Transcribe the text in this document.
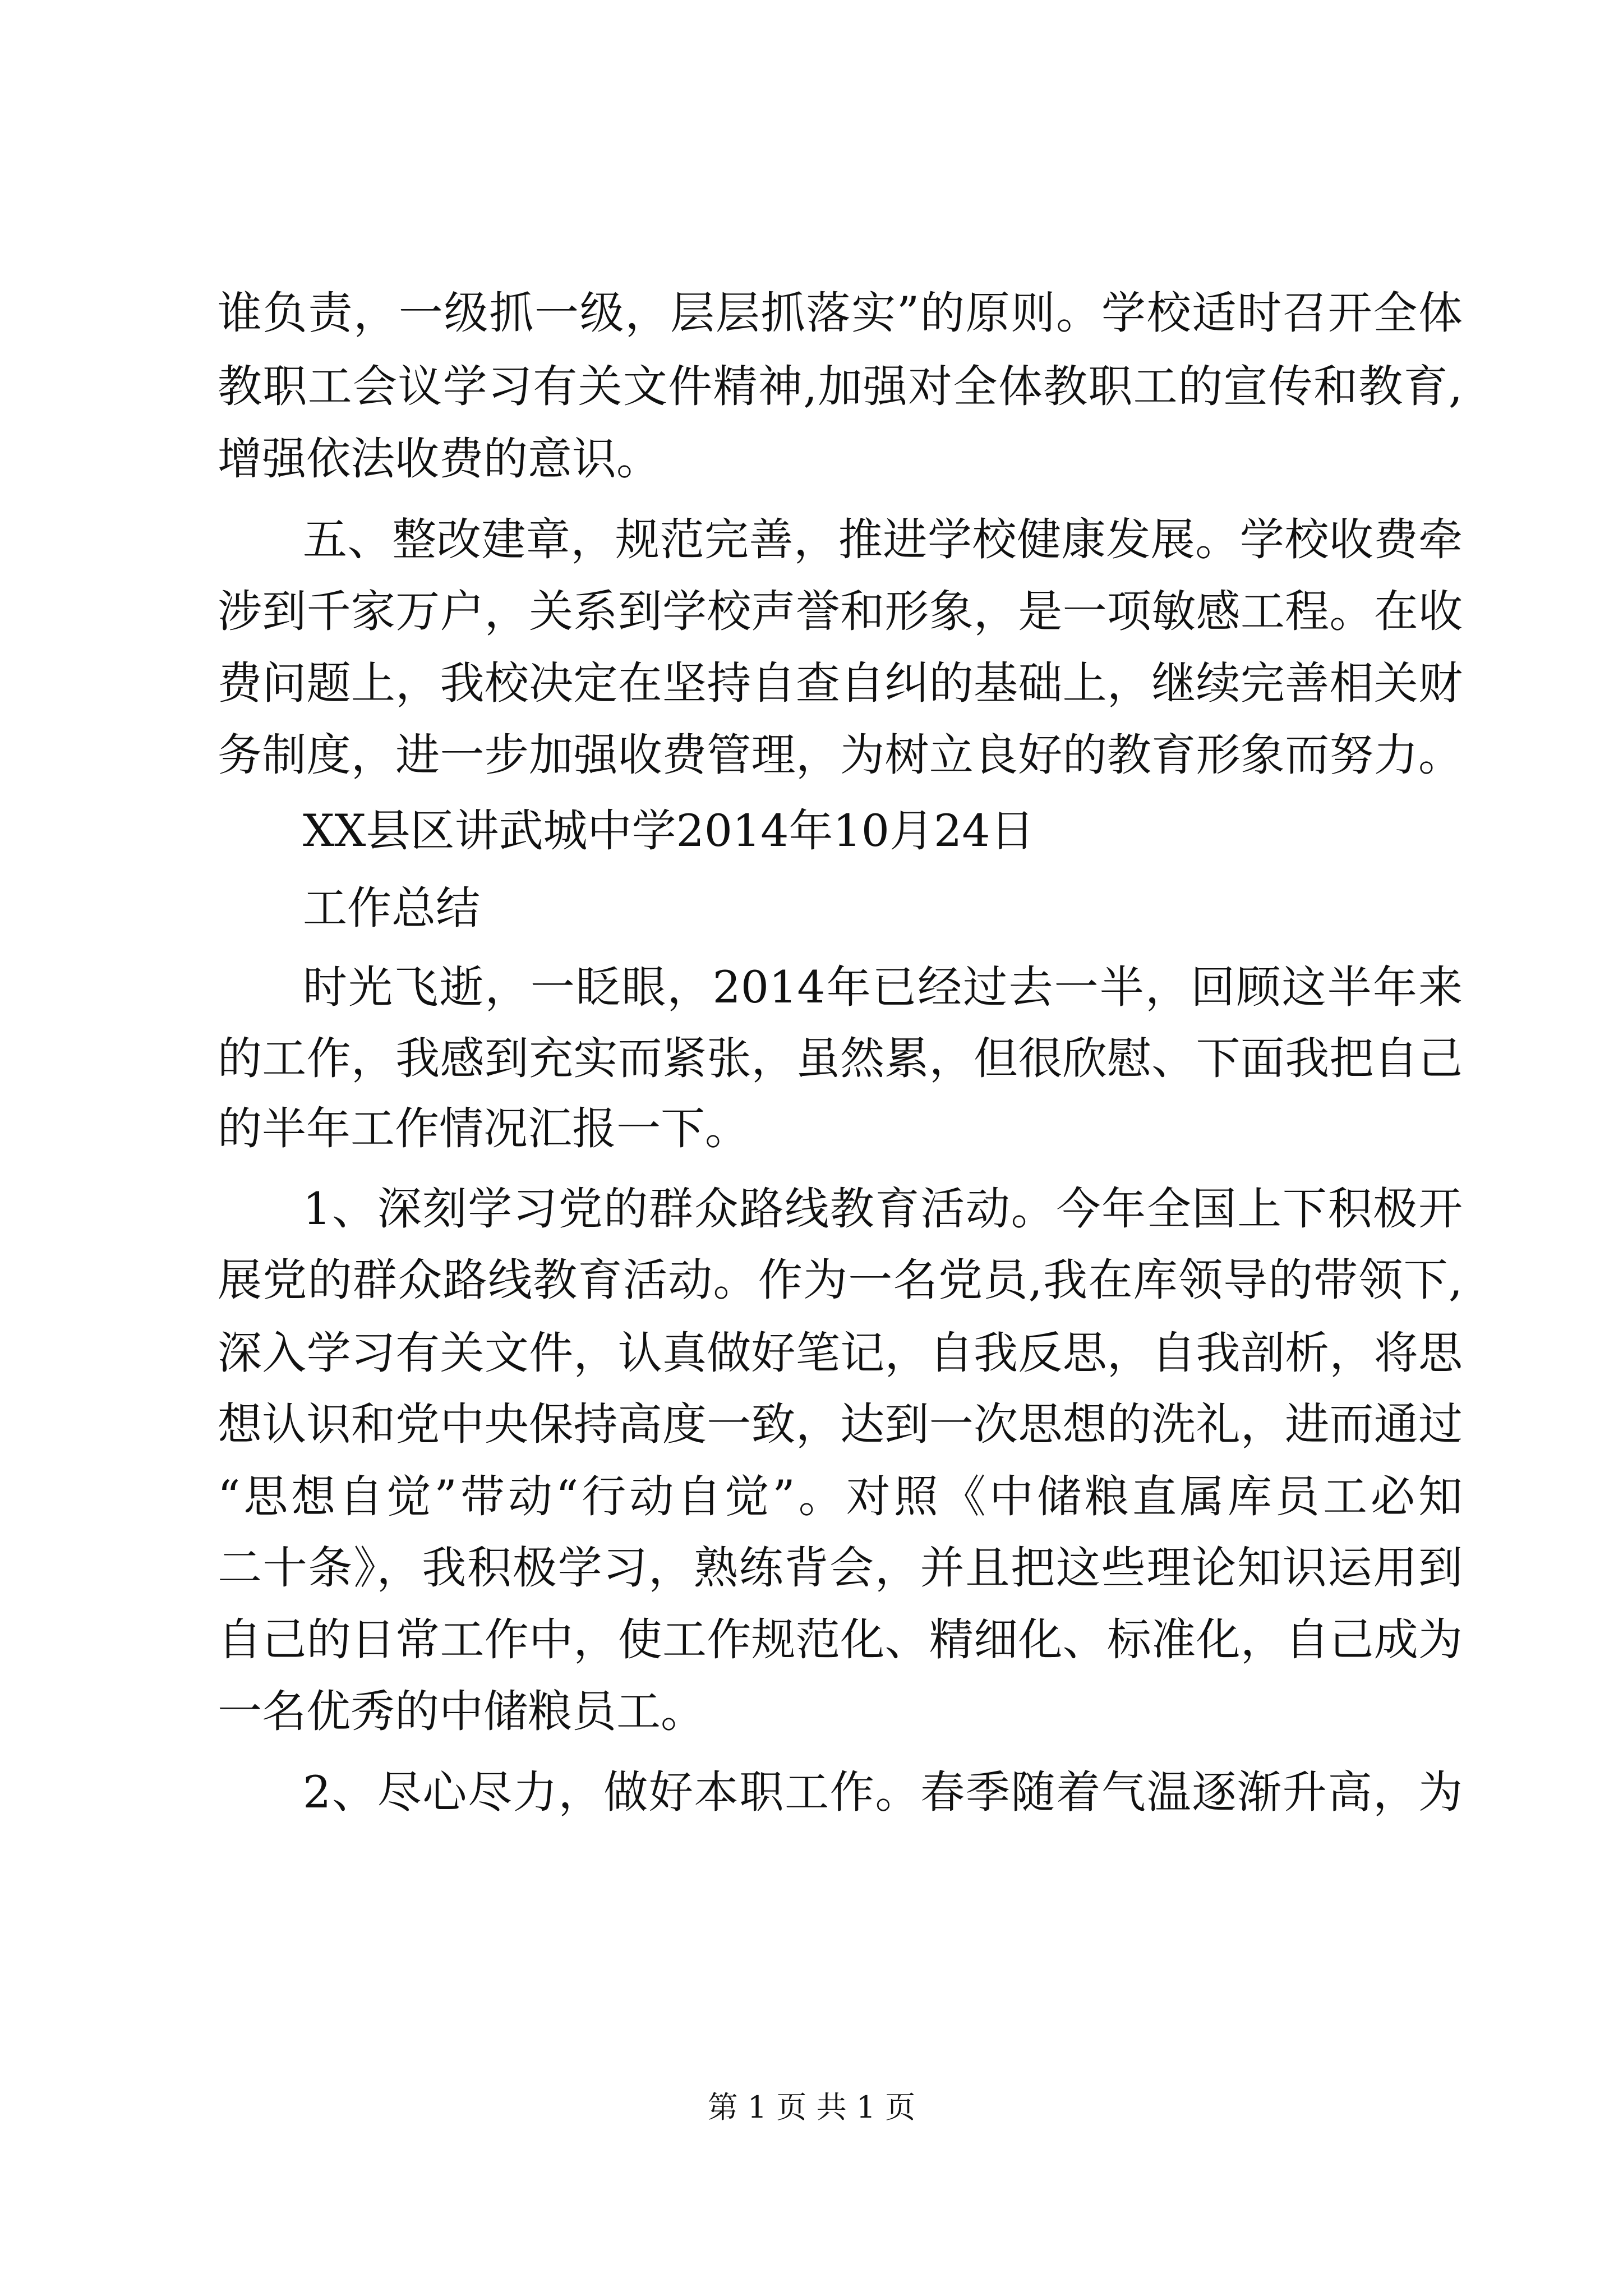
谁负责，一级抓一级，层层抓落实”的原则。学校适时召开全体

教职工会议学习有关文件精神,加强对全体教职工的宣传和教育,

增强依法收费的意识。

五、整改建章，规范完善，推进学校健康发展。学校收费牵

涉到千家万户，关系到学校声誉和形象，是一项敏感工程。在收

费问题上，我校决定在坚持自查自纠的基础上，继续完善相关财

务制度，进一步加强收费管理，为树立良好的教育形象而努力。

XX县区讲武城中学2014年10月24日

工作总结

时光飞逝，一眨眼，2014年已经过去一半，回顾这半年来

的工作，我感到充实而紧张，虽然累，但很欣慰、下面我把自己

的半年工作情况汇报一下。

1、深刻学习党的群众路线教育活动。今年全国上下积极开

展党的群众路线教育活动。作为一名党员,我在库领导的带领下,

深入学习有关文件，认真做好笔记，自我反思，自我剖析，将思

想认识和党中央保持高度一致，达到一次思想的洗礼，进而通过

“思想自觉”带动“行动自觉”。对照《中储粮直属库员工必知

二十条》，我积极学习，熟练背会，并且把这些理论知识运用到

自己的日常工作中，使工作规范化、精细化、标准化，自己成为

一名优秀的中储粮员工。

2、尽心尽力，做好本职工作。春季随着气温逐渐升高，为

第 1 页 共 1 页
